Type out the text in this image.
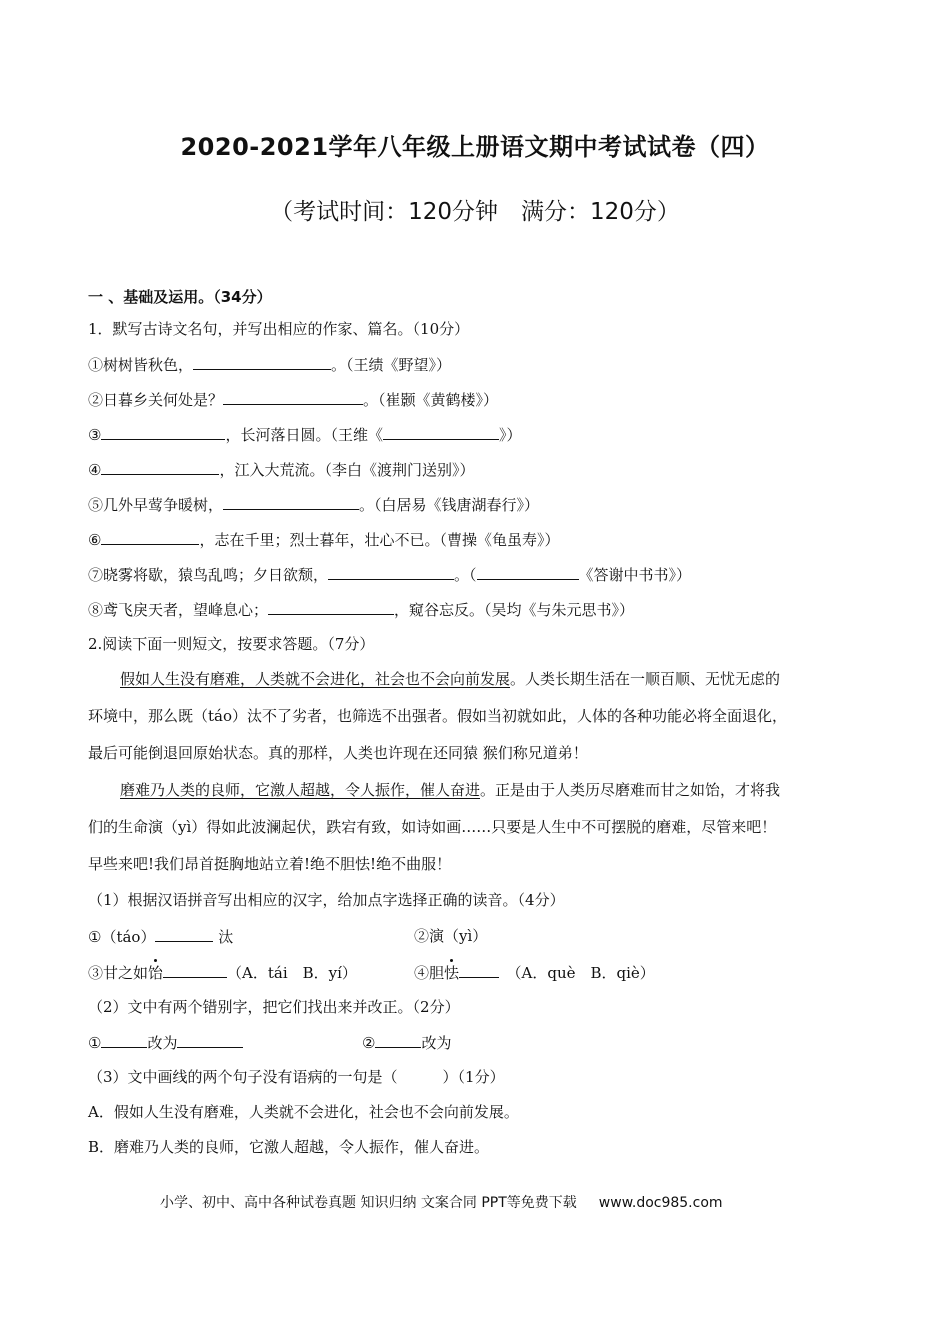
2020-2021学年八年级上册语文期中考试试卷（四）
（考试时间：120分钟　满分：120分）
一 、基础及运用。（34分）
1．默写古诗文名句，并写出相应的作家、篇名。（10分）
①树树皆秋色，	。（王绩《野望》）
②日暮乡关何处是？	。（崔颢《黄鹤楼》）
③	，长河落日圆。（王维《	》）
④	，江入大荒流。（李白《渡荆门送别》）
⑤几外早莺争暖树，	。（白居易《钱唐湖春行》）
⑥	，志在千里；烈士暮年，壮心不已。（曹操《龟虽寿》）
⑦晓雾将歇，猿鸟乱鸣；夕日欲颓，	。（	《答谢中书书》）
⑧鸢飞戾天者，望峰息心；	，窥谷忘反。（吴均《与朱元思书》）
2.阅读下面一则短文，按要求答题。（7分）
假如人生没有磨难，人类就不会进化，社会也不会向前发展。人类长期生活在一顺百顺、无忧无虑的
环境中，那么既（táo）汰不了劣者，也筛选不出强者。假如当初就如此，人体的各种功能必将全面退化，
最后可能倒退回原始状态。真的那样，人类也许现在还同猿 猴们称兄道弟！
磨难乃人类的良师，它激人超越，令人振作，催人奋进。正是由于人类历尽磨难而甘之如饴，才将我
们的生命演（yì）得如此波澜起伏，跌宕有致，如诗如画……只要是人生中不可摆脱的磨难，尽管来吧！
早些来吧!我们昂首挺胸地站立着!绝不胆怯!绝不曲服！
（1）根据汉语拼音写出相应的汉字，给加点字选择正确的读音。（4分）
①（táo）	汰	②演（yì）
③甘之如饴	（A．tái　B．yí）	④胆怯	　（A．què　B．qiè）
（2）文中有两个错别字，把它们找出来并改正。（2分）
①	改为	②	改为
（3）文中画线的两个句子没有语病的一句是（　　　）（1分）
A．假如人生没有磨难，人类就不会进化，社会也不会向前发展。
B．磨难乃人类的良师，它激人超越，令人振作，催人奋进。
小学、初中、高中各种试卷真题 知识归纳 文案合同 PPT等免费下载 www.doc985.com
